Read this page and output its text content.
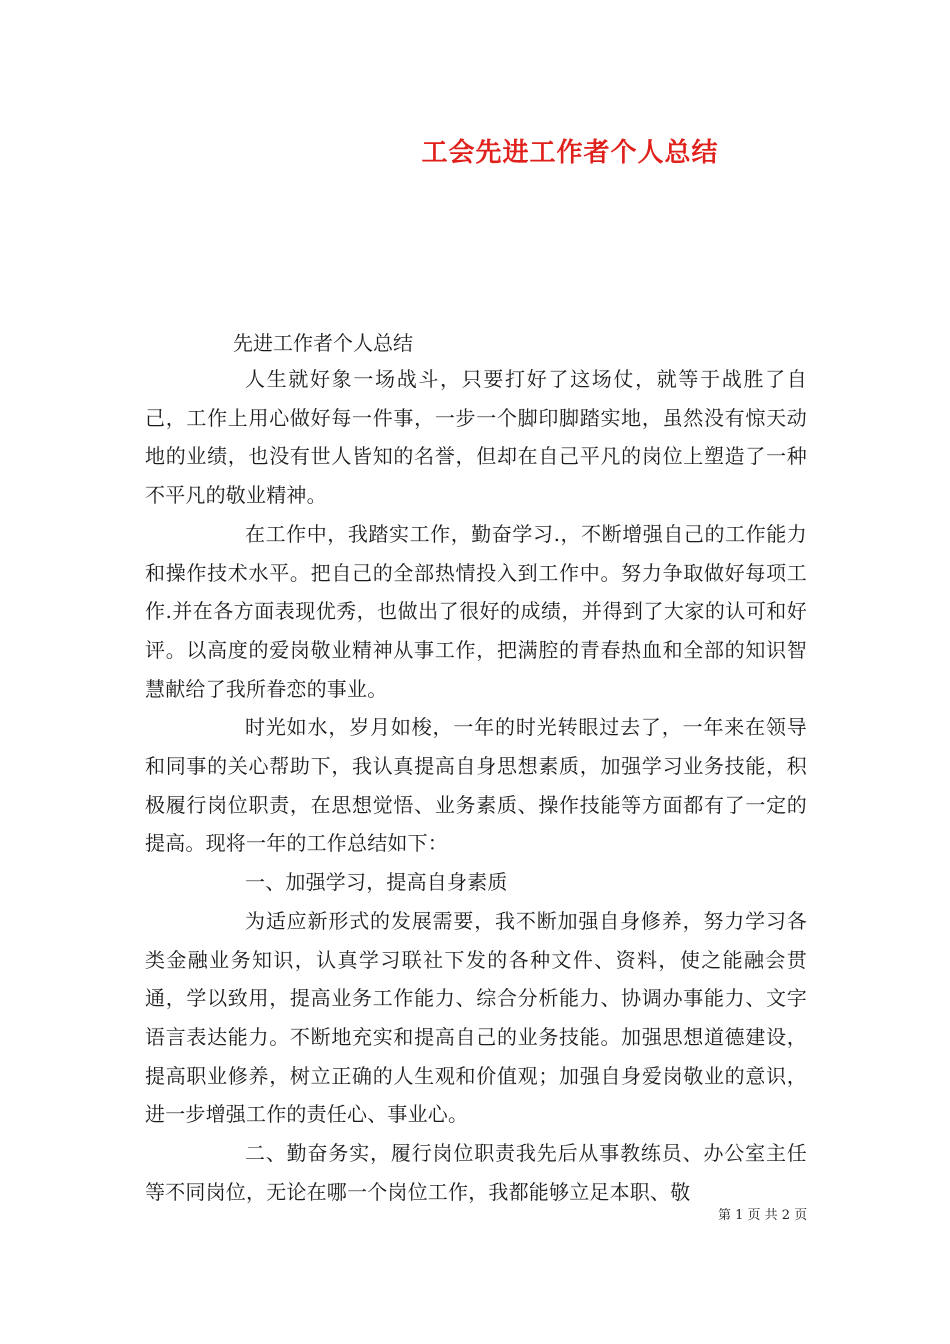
工会先进工作者个人总结
先进工作者个人总结

人生就好象一场战斗，只要打好了这场仗，就等于战胜了自己，工作上用心做好每一件事，一步一个脚印脚踏实地，虽然没有惊天动地的业绩，也没有世人皆知的名誉，但却在自己平凡的岗位上塑造了一种不平凡的敬业精神。

在工作中，我踏实工作，勤奋学习.，不断增强自己的工作能力和操作技术水平。把自己的全部热情投入到工作中。努力争取做好每项工作.并在各方面表现优秀，也做出了很好的成绩，并得到了大家的认可和好评。以高度的爱岗敬业精神从事工作，把满腔的青春热血和全部的知识智慧献给了我所眷恋的事业。

时光如水，岁月如梭，一年的时光转眼过去了，一年来在领导和同事的关心帮助下，我认真提高自身思想素质，加强学习业务技能，积极履行岗位职责，在思想觉悟、业务素质、操作技能等方面都有了一定的提高。现将一年的工作总结如下：

一、加强学习，提高自身素质

为适应新形式的发展需要，我不断加强自身修养，努力学习各类金融业务知识，认真学习联社下发的各种文件、资料，使之能融会贯通，学以致用，提高业务工作能力、综合分析能力、协调办事能力、文字语言表达能力。不断地充实和提高自己的业务技能。加强思想道德建设，提高职业修养，树立正确的人生观和价值观；加强自身爱岗敬业的意识，进一步增强工作的责任心、事业心。

二、勤奋务实，履行岗位职责我先后从事教练员、办公室主任等不同岗位，无论在哪一个岗位工作，我都能够立足本职、敬

第 1 页 共 2 页
